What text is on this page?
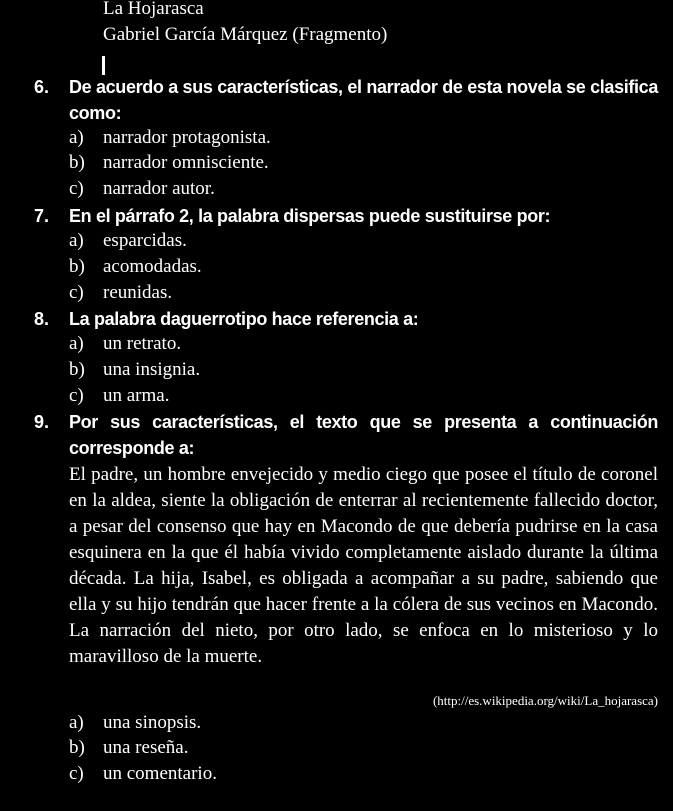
La Hojarasca
Gabriel García Márquez (Fragmento)
6.	De acuerdo a sus características, el narrador de esta novela se clasifica como:
a) narrador protagonista.
b) narrador omnisciente.
c) narrador autor.
7.	En el párrafo 2, la palabra dispersas puede sustituirse por:
a) esparcidas.
b) acomodadas.
c) reunidas.
8.	La palabra daguerrotipo hace referencia a:
a) un retrato.
b) una insignia.
c) un arma.
9.	Por sus características, el texto que se presenta a continuación corresponde a:
El padre, un hombre envejecido y medio ciego que posee el título de coronel en la aldea, siente la obligación de enterrar al recientemente fallecido doctor, a pesar del consenso que hay en Macondo de que debería pudrirse en la casa esquinera en la que él había vivido completamente aislado durante la última década. La hija, Isabel, es obligada a acompañar a su padre, sabiendo que ella y su hijo tendrán que hacer frente a la cólera de sus vecinos en Macondo. La narración del nieto, por otro lado, se enfoca en lo misterioso y lo maravilloso de la muerte.
(http://es.wikipedia.org/wiki/La_hojarasca)
a) una sinopsis.
b) una reseña.
c) un comentario.
